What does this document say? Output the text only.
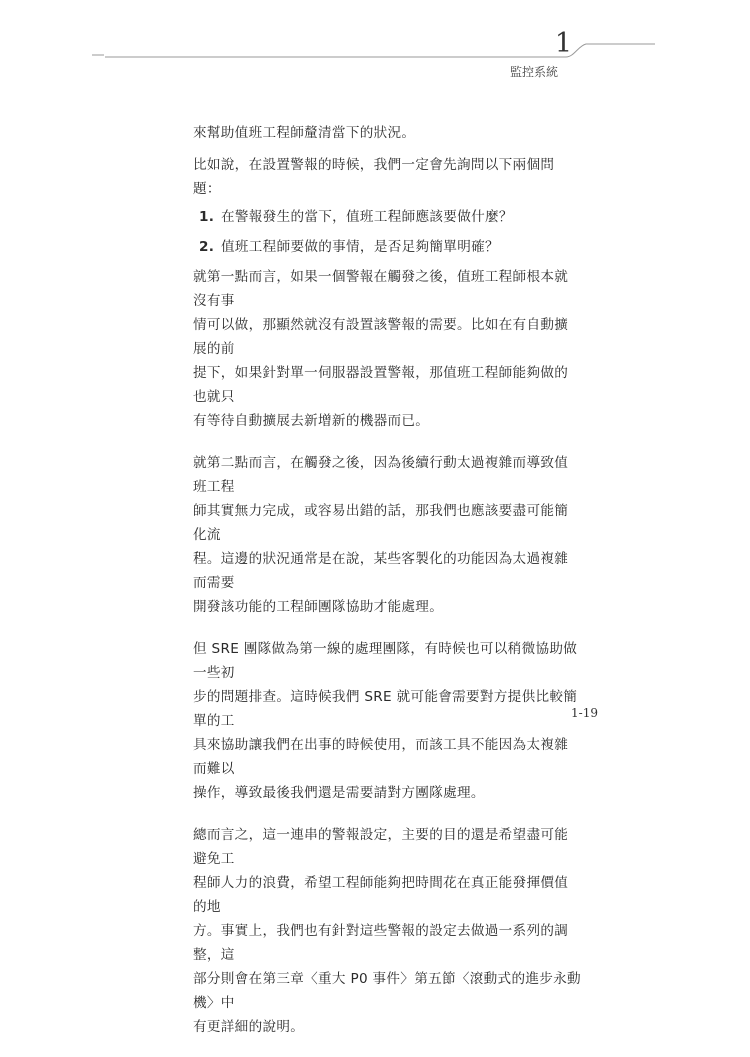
1
監控系統

來幫助值班工程師釐清當下的狀況。

比如說，在設置警報的時候，我們一定會先詢問以下兩個問題：

1. 在警報發生的當下，值班工程師應該要做什麼？
2. 值班工程師要做的事情，是否足夠簡單明確？

就第一點而言，如果一個警報在觸發之後，值班工程師根本就沒有事
情可以做，那顯然就沒有設置該警報的需要。比如在有自動擴展的前
提下，如果針對單一伺服器設置警報，那值班工程師能夠做的也就只
有等待自動擴展去新增新的機器而已。

就第二點而言，在觸發之後，因為後續行動太過複雜而導致值班工程
師其實無力完成，或容易出錯的話，那我們也應該要盡可能簡化流
程。這邊的狀況通常是在說，某些客製化的功能因為太過複雜而需要
開發該功能的工程師團隊協助才能處理。

但 SRE 團隊做為第一線的處理團隊，有時候也可以稍微協助做一些初
步的問題排查。這時候我們 SRE 就可能會需要對方提供比較簡單的工
具來協助讓我們在出事的時候使用，而該工具不能因為太複雜而難以
操作，導致最後我們還是需要請對方團隊處理。

總而言之，這一連串的警報設定，主要的目的還是希望盡可能避免工
程師人力的浪費，希望工程師能夠把時間花在真正能發揮價值的地
方。事實上，我們也有針對這些警報的設定去做過一系列的調整，這
部分則會在第三章〈重大 P0 事件〉第五節〈滾動式的進步永動機〉中
有更詳細的說明。

1-19
